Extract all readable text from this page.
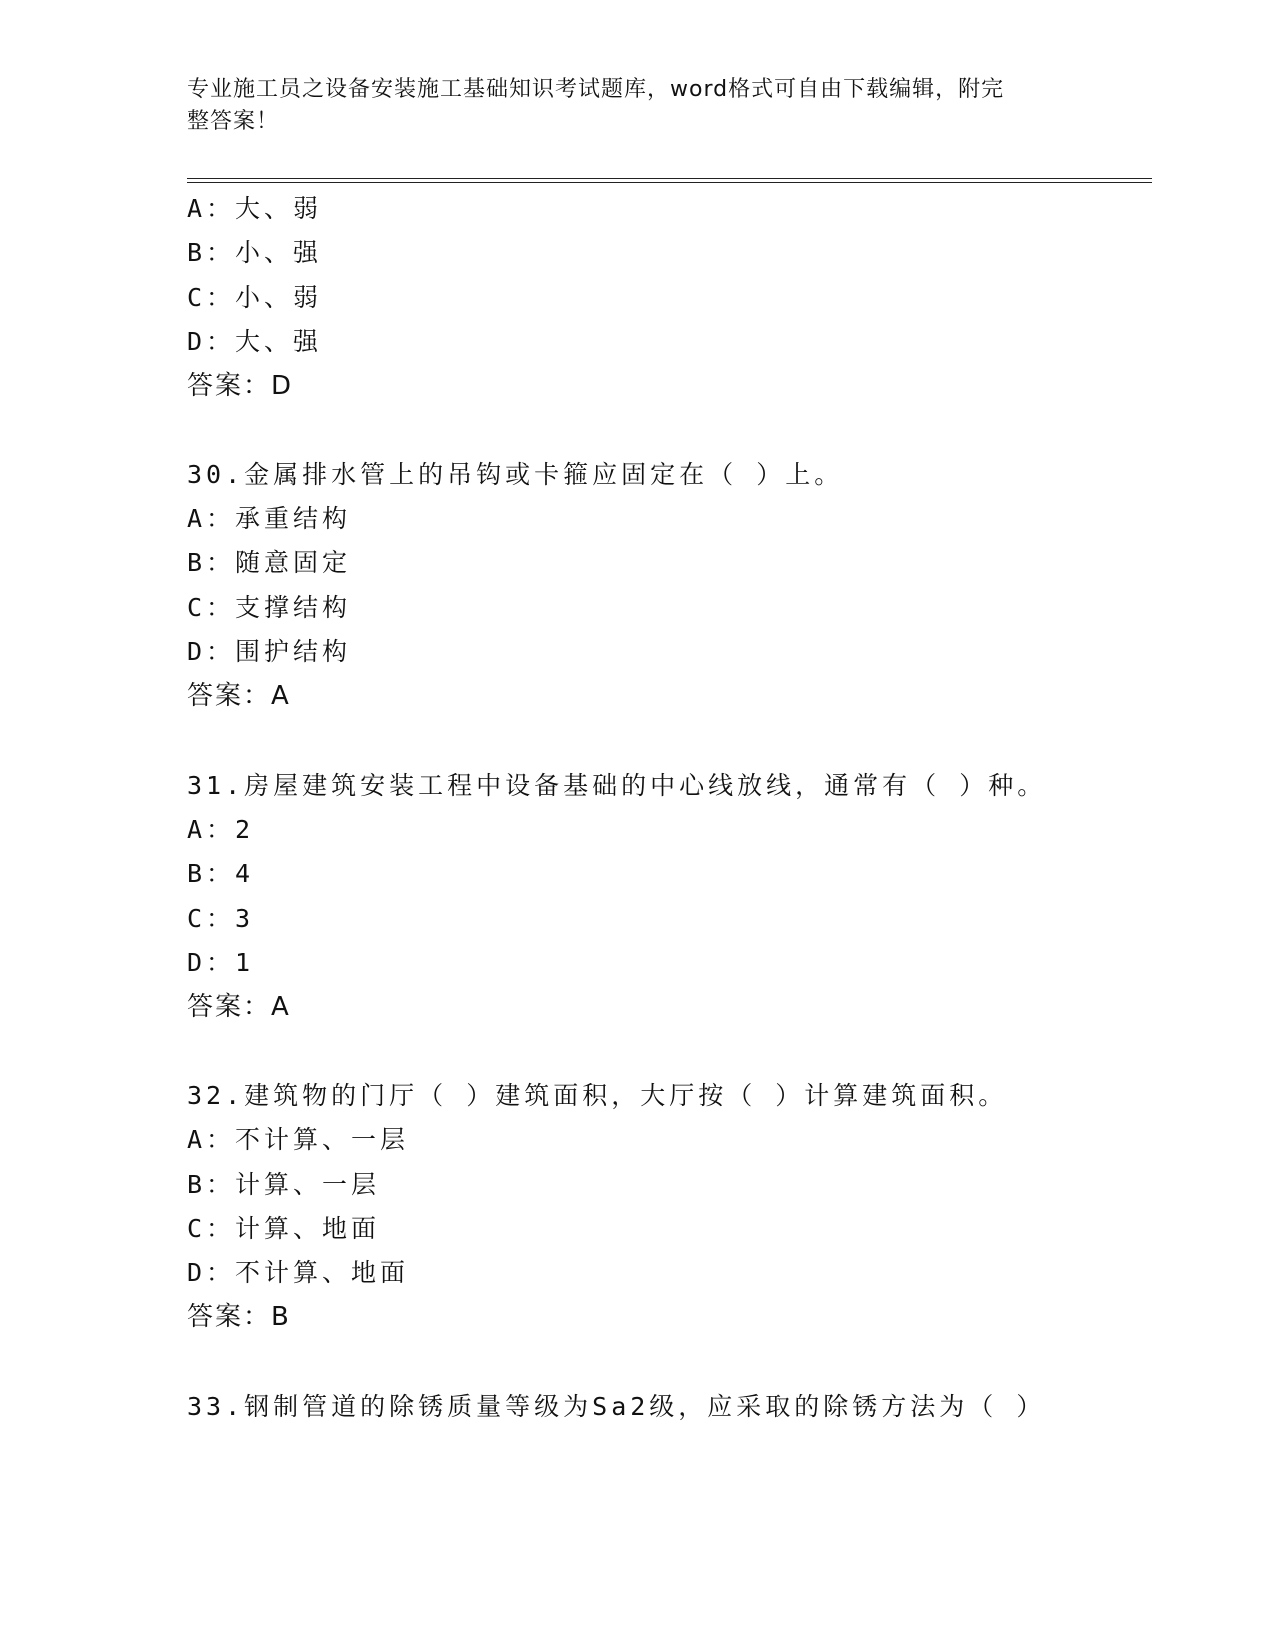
专业施工员之设备安装施工基础知识考试题库，word格式可自由下载编辑，附完
整答案！
A：大、弱
B：小、强
C：小、弱
D：大、强
答案：D
30.金属排水管上的吊钩或卡箍应固定在（ ）上。
A：承重结构
B：随意固定
C：支撑结构
D：围护结构
答案：A
31.房屋建筑安装工程中设备基础的中心线放线，通常有（ ）种。
A：2
B：4
C：3
D：1
答案：A
32.建筑物的门厅（ ）建筑面积，大厅按（ ）计算建筑面积。
A：不计算、一层
B：计算、一层
C：计算、地面
D：不计算、地面
答案：B
33.钢制管道的除锈质量等级为Sa2级，应采取的除锈方法为（ ）
